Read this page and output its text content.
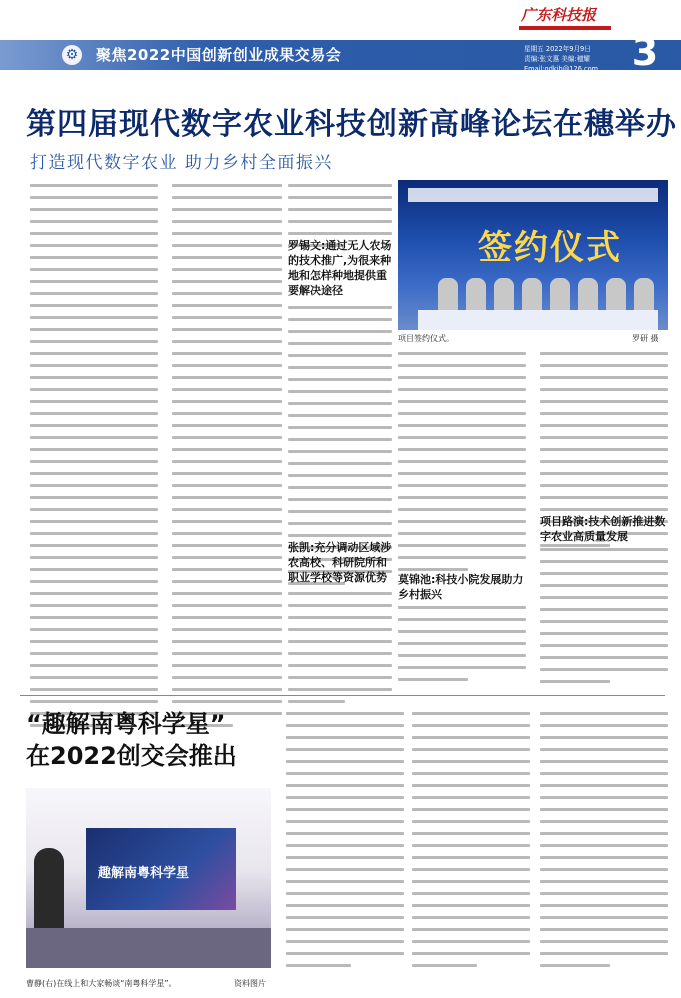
⚙ 聚焦2022中国创新创业成果交易会
广东科技报
星期五 2022年9月9日
责编:张文惠 美编:穗耀
Email:gdkjb@126.com 3
第四届现代数字农业科技创新高峰论坛在穗举办
打造现代数字农业 助力乡村全面振兴
罗锡文:通过无人农场的技术推广,为很来种地和怎样种地提供重要解决途径
张凯:充分调动区域涉农高校、科研院所和职业学校等资源优势
签约仪式
项目签约仪式。	罗研 摄
莫锦池:科技小院发展助力乡村振兴
项目路演:技术创新推进数字农业高质量发展
“趣解南粤科学星”
在2022创交会推出
趣解南粤科学星
曹静(右)在线上和大家畅谈“南粤科学星”。	资料图片
